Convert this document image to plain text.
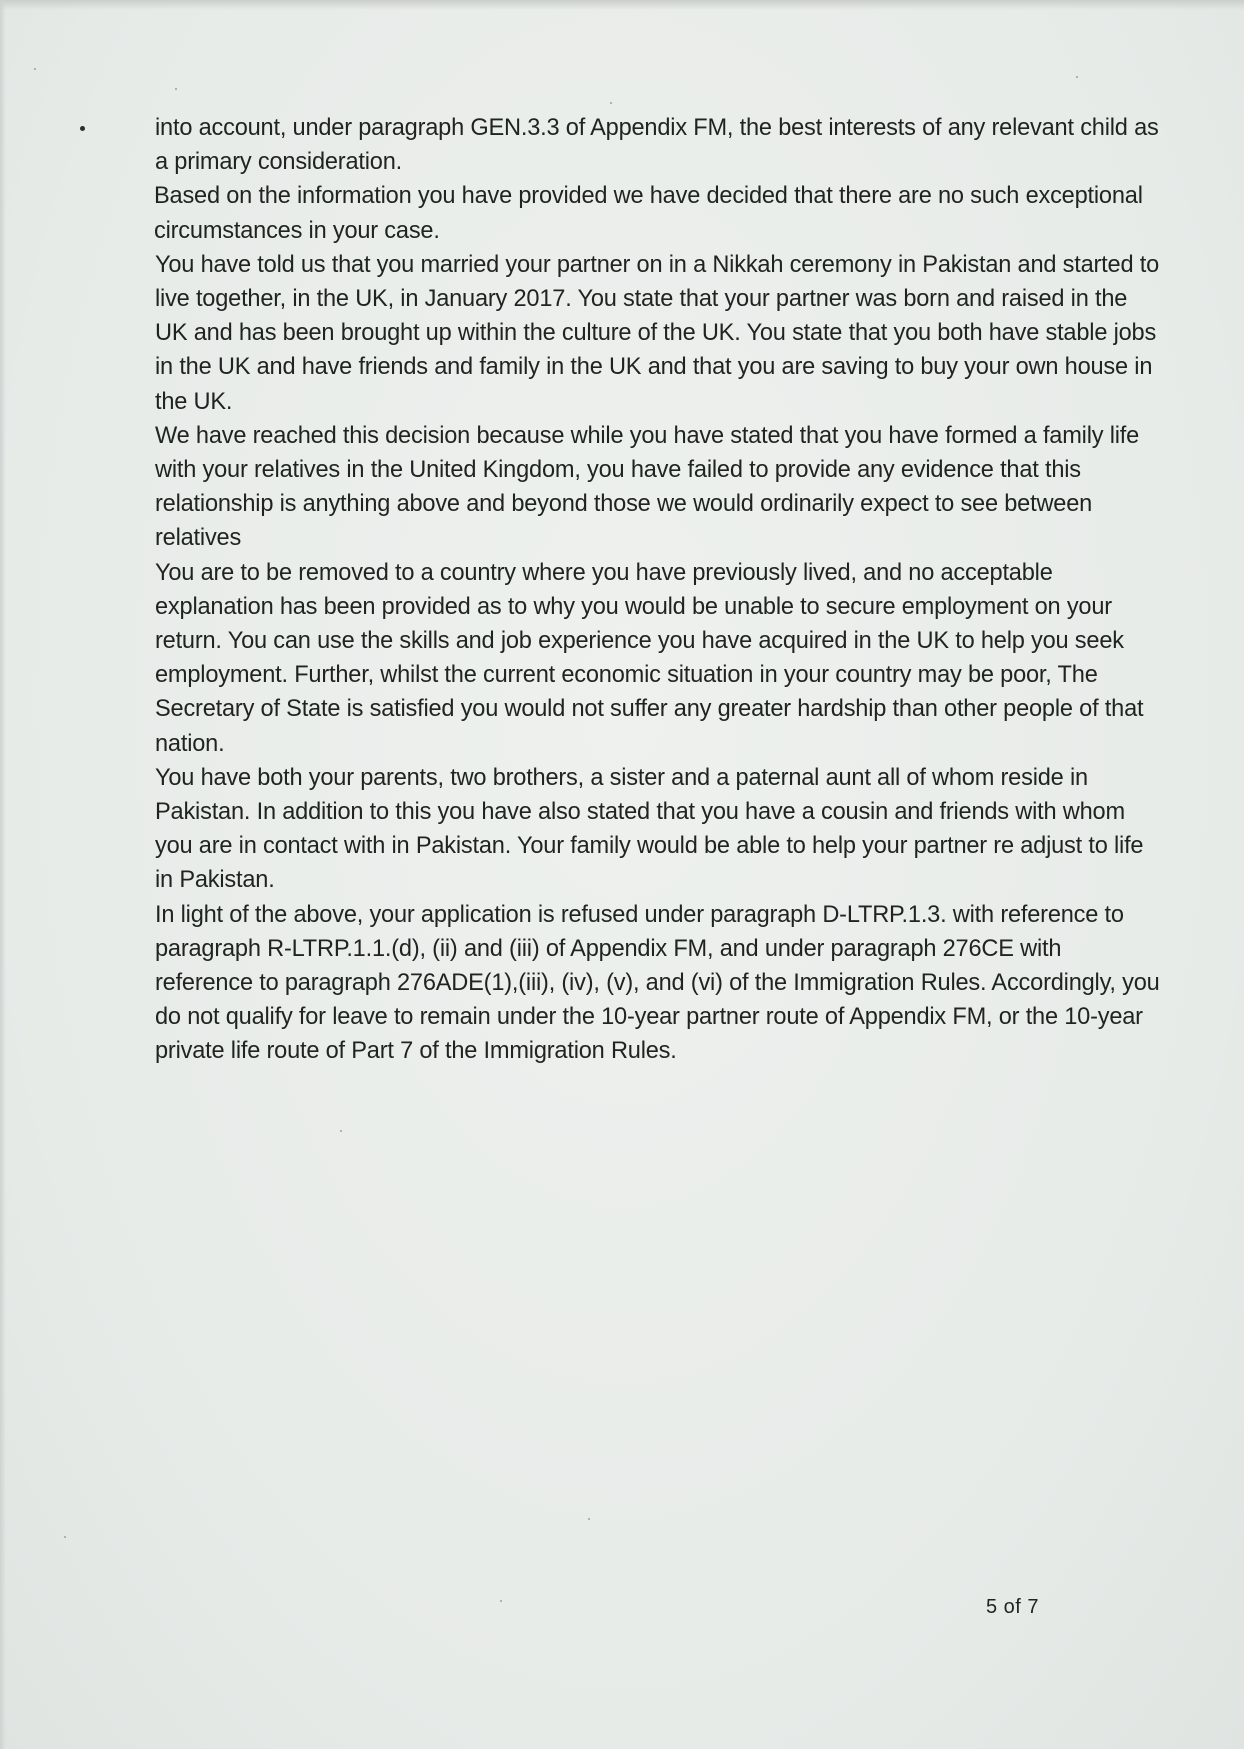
into account, under paragraph GEN.3.3 of Appendix FM, the best interests of any relevant child as a primary consideration.

Based on the information you have provided we have decided that there are no such exceptional circumstances in your case.

You have told us that you married your partner on in a Nikkah ceremony in Pakistan and started to live together, in the UK, in January 2017. You state that your partner was born and raised in the UK and has been brought up within the culture of the UK. You state that you both have stable jobs in the UK and have friends and family in the UK and that you are saving to buy your own house in the UK.

We have reached this decision because while you have stated that you have formed a family life with your relatives in the United Kingdom, you have failed to provide any evidence that this relationship is anything above and beyond those we would ordinarily expect to see between relatives

You are to be removed to a country where you have previously lived, and no acceptable explanation has been provided as to why you would be unable to secure employment on your return. You can use the skills and job experience you have acquired in the UK to help you seek employment. Further, whilst the current economic situation in your country may be poor, The Secretary of State is satisfied you would not suffer any greater hardship than other people of that nation.

You have both your parents, two brothers, a sister and a paternal aunt all of whom reside in Pakistan. In addition to this you have also stated that you have a cousin and friends with whom you are in contact with in Pakistan. Your family would be able to help your partner re adjust to life in Pakistan.

In light of the above, your application is refused under paragraph D-LTRP.1.3. with reference to paragraph R-LTRP.1.1.(d), (ii) and (iii) of Appendix FM, and under paragraph 276CE with reference to paragraph 276ADE(1),(iii), (iv), (v), and (vi) of the Immigration Rules. Accordingly, you do not qualify for leave to remain under the 10-year partner route of Appendix FM, or the 10-year private life route of Part 7 of the Immigration Rules.

5 of 7
